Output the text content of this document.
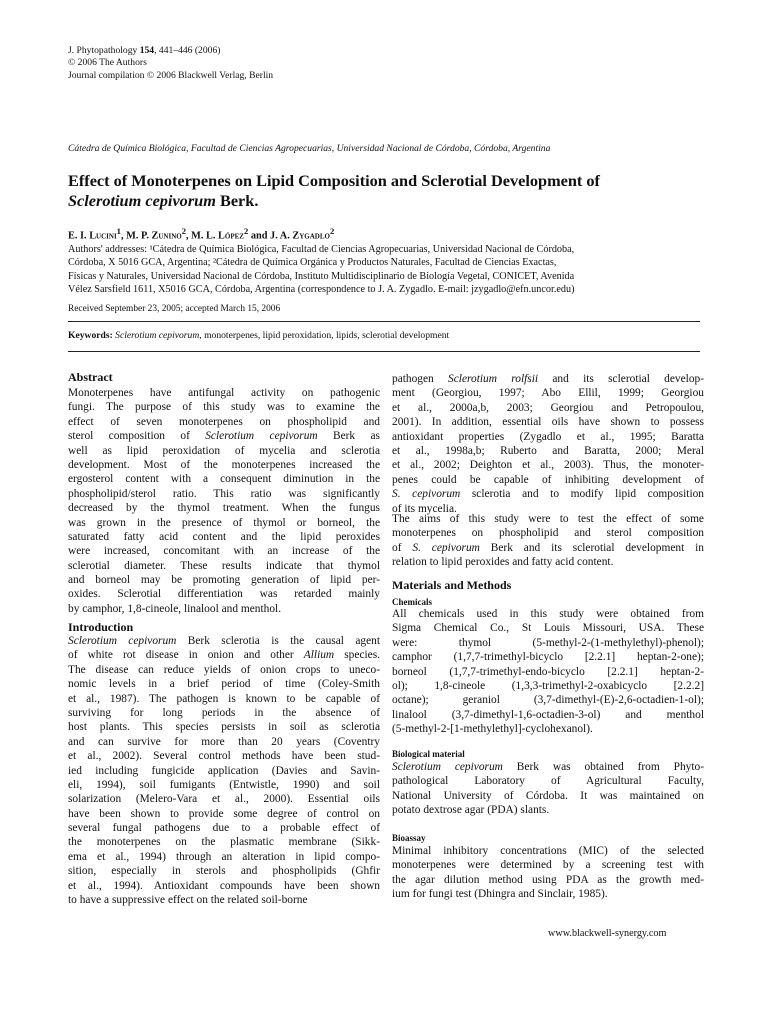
J. Phytopathology 154, 441–446 (2006)
© 2006 The Authors
Journal compilation © 2006 Blackwell Verlag, Berlin
Cátedra de Química Biológica, Facultad de Ciencias Agropecuarias, Universidad Nacional de Córdoba, Córdoba, Argentina
Effect of Monoterpenes on Lipid Composition and Sclerotial Development of
Sclerotium cepivorum Berk.
E. I. Lucini$^1$, M. P. Zunino$^2$, M. L. López$^2$ and J. A. Zygadlo$^2$
Authors' addresses: ¹Cátedra de Química Biológica, Facultad de Ciencias Agropecuarias, Universidad Nacional de Córdoba,
Córdoba, X 5016 GCA, Argentina; ²Cátedra de Química Orgánica y Productos Naturales, Facultad de Ciencias Exactas,
Físicas y Naturales, Universidad Nacional de Córdoba, Instituto Multidisciplinario de Biología Vegetal, CONICET, Avenida
Vélez Sarsfield 1611, X5016 GCA, Córdoba, Argentina (correspondence to J. A. Zygadlo. E-mail: jzygadlo@efn.uncor.edu)
Received September 23, 2005; accepted March 15, 2006
Keywords: Sclerotium cepivorum, monoterpenes, lipid peroxidation, lipids, sclerotial development
Abstract
Monoterpenes have antifungal activity on pathogenic
fungi. The purpose of this study was to examine the
effect of seven monoterpenes on phospholipid and
sterol composition of Sclerotium cepivorum Berk as
well as lipid peroxidation of mycelia and sclerotia
development. Most of the monoterpenes increased the
ergosterol content with a consequent diminution in the
phospholipid/sterol ratio. This ratio was significantly
decreased by the thymol treatment. When the fungus
was grown in the presence of thymol or borneol, the
saturated fatty acid content and the lipid peroxides
were increased, concomitant with an increase of the
sclerotial diameter. These results indicate that thymol
and borneol may be promoting generation of lipid per-
oxides. Sclerotial differentiation was retarded mainly
by camphor, 1,8-cineole, linalool and menthol.
Introduction
Sclerotium cepivorum Berk sclerotia is the causal agent
of white rot disease in onion and other Allium species.
The disease can reduce yields of onion crops to uneco-
nomic levels in a brief period of time (Coley-Smith
et al., 1987). The pathogen is known to be capable of
surviving for long periods in the absence of
host plants. This species persists in soil as sclerotia
and can survive for more than 20 years (Coventry
et al., 2002). Several control methods have been stud-
ied including fungicide application (Davies and Savin-
eli, 1994), soil fumigants (Entwistle, 1990) and soil
solarization (Melero-Vara et al., 2000). Essential oils
have been shown to provide some degree of control on
several fungal pathogens due to a probable effect of
the monoterpenes on the plasmatic membrane (Sikk-
ema et al., 1994) through an alteration in lipid compo-
sition, especially in sterols and phospholipids (Ghfir
et al., 1994). Antioxidant compounds have been shown
to have a suppressive effect on the related soil-borne
pathogen Sclerotium rolfsii and its sclerotial develop-
ment (Georgiou, 1997; Abo Ellil, 1999; Georgiou
et al., 2000a,b, 2003; Georgiou and Petropoulou,
2001). In addition, essential oils have shown to possess
antioxidant properties (Zygadlo et al., 1995; Baratta
et al., 1998a,b; Ruberto and Baratta, 2000; Meral
et al., 2002; Deighton et al., 2003). Thus, the monoter-
penes could be capable of inhibiting development of
S. cepivorum sclerotia and to modify lipid composition
of its mycelia.
The aims of this study were to test the effect of some
monoterpenes on phospholipid and sterol composition
of S. cepivorum Berk and its sclerotial development in
relation to lipid peroxides and fatty acid content.
Materials and Methods
Chemicals
All chemicals used in this study were obtained from
Sigma Chemical Co., St Louis Missouri, USA. These
were: thymol (5-methyl-2-(1-methylethyl)-phenol);
camphor (1,7,7-trimethyl-bicyclo [2.2.1] heptan-2-one);
borneol (1,7,7-trimethyl-endo-bicyclo [2.2.1] heptan-2-
ol); 1,8-cineole (1,3,3-trimethyl-2-oxabicyclo [2.2.2]
octane); geraniol (3,7-dimethyl-(E)-2,6-octadien-1-ol);
linalool (3,7-dimethyl-1,6-octadien-3-ol) and menthol
(5-methyl-2-[1-methylethyl]-cyclohexanol).
Biological material
Sclerotium cepivorum Berk was obtained from Phyto-
pathological Laboratory of Agricultural Faculty,
National University of Córdoba. It was maintained on
potato dextrose agar (PDA) slants.
Bioassay
Minimal inhibitory concentrations (MIC) of the selected
monoterpenes were determined by a screening test with
the agar dilution method using PDA as the growth med-
ium for fungi test (Dhingra and Sinclair, 1985).
www.blackwell-synergy.com
